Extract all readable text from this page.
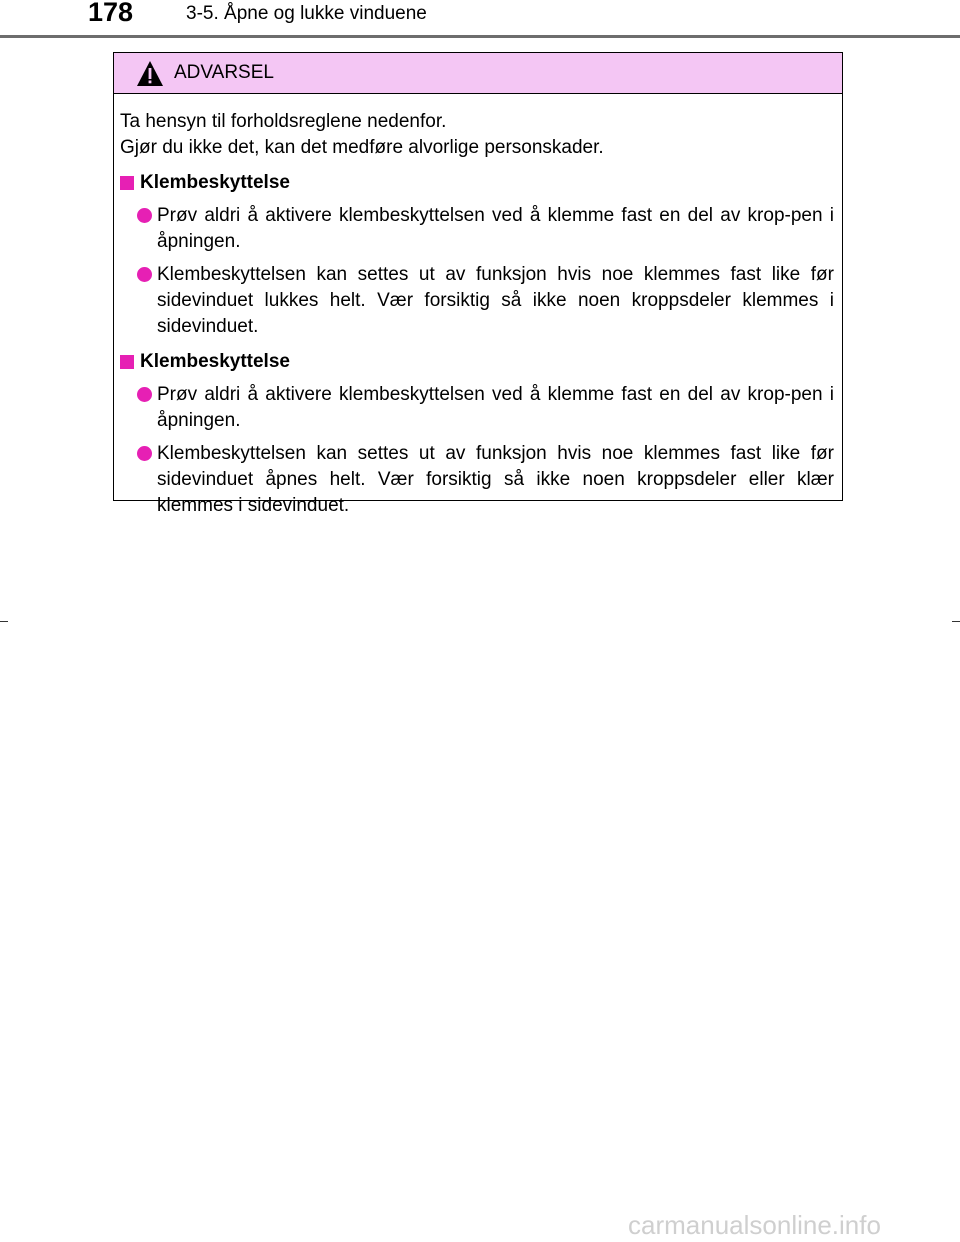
178	3-5. Åpne og lukke vinduene
ADVARSEL

Ta hensyn til forholdsreglene nedenfor.

Gjør du ikke det, kan det medføre alvorlige personskader.

Klembeskyttelse
Prøv aldri å aktivere klembeskyttelsen ved å klemme fast en del av krop-pen i åpningen.
Klembeskyttelsen kan settes ut av funksjon hvis noe klemmes fast like før sidevinduet lukkes helt. Vær forsiktig så ikke noen kroppsdeler klemmes i sidevinduet.
Klembeskyttelse
Prøv aldri å aktivere klembeskyttelsen ved å klemme fast en del av krop-pen i åpningen.
Klembeskyttelsen kan settes ut av funksjon hvis noe klemmes fast like før sidevinduet åpnes helt. Vær forsiktig så ikke noen kroppsdeler eller klær klemmes i sidevinduet.
carmanualsonline.info
